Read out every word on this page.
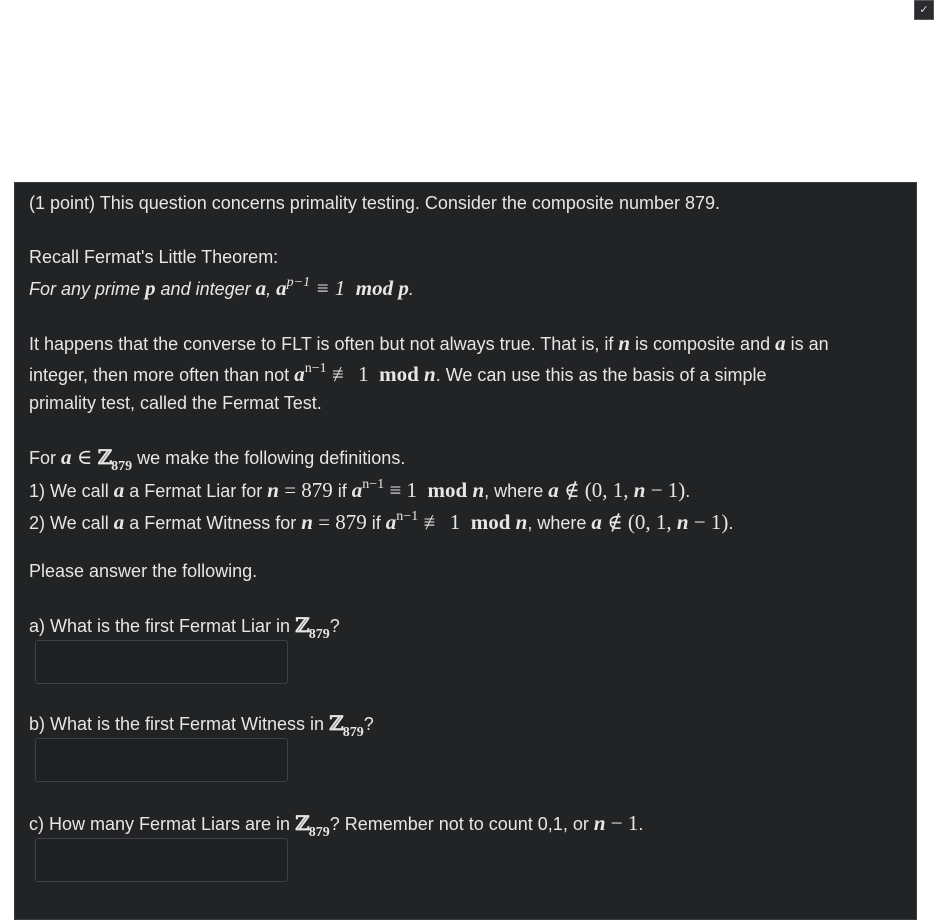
✓
(1 point) This question concerns primality testing. Consider the composite number 879.
Recall Fermat's Little Theorem:
For any prime p and integer a, $a^{p-1} \equiv 1$  mod p.
It happens that the converse to FLT is often but not always true. That is, if n is composite and a is an
integer, then more often than not $a^{n-1}$ ≢ 1  mod n. We can use this as the basis of a simple
primality test, called the Fermat Test.
For a ∈ ℤ$_{879}$ we make the following definitions.
1) We call a a Fermat Liar for n = 879 if $a^{n-1} \equiv 1$  mod n, where a ∉ (0, 1, n − 1).
2) We call a a Fermat Witness for n = 879 if $a^{n-1}$ ≢ 1  mod n, where a ∉ (0, 1, n − 1).
Please answer the following.
a) What is the first Fermat Liar in ℤ$_{879}$?
b) What is the first Fermat Witness in ℤ$_{879}$?
c) How many Fermat Liars are in ℤ$_{879}$? Remember not to count 0,1, or n − 1.
